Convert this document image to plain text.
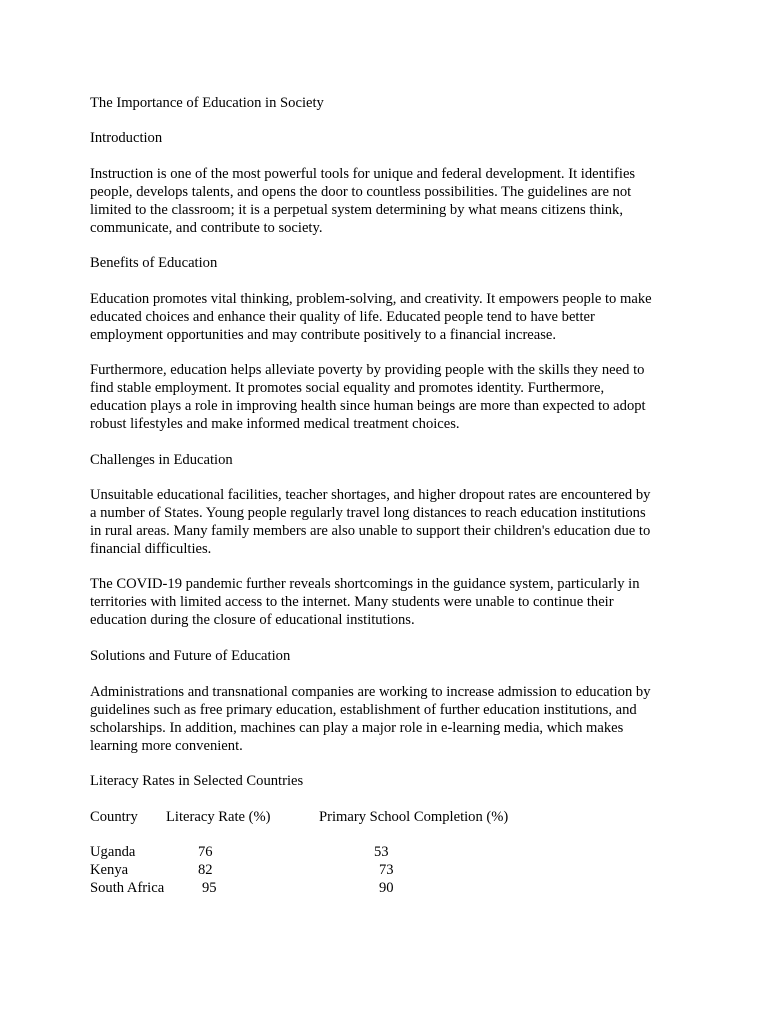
The Importance of Education in Society

Introduction

Instruction is one of the most powerful tools for unique and federal development. It identifies
people, develops talents, and opens the door to countless possibilities. The guidelines are not
limited to the classroom; it is a perpetual system determining by what means citizens think,
communicate, and contribute to society.

Benefits of Education

Education promotes vital thinking, problem-solving, and creativity. It empowers people to make
educated choices and enhance their quality of life. Educated people tend to have better
employment opportunities and may contribute positively to a financial increase.

Furthermore, education helps alleviate poverty by providing people with the skills they need to
find stable employment. It promotes social equality and promotes identity. Furthermore,
education plays a role in improving health since human beings are more than expected to adopt
robust lifestyles and make informed medical treatment choices.

Challenges in Education

Unsuitable educational facilities, teacher shortages, and higher dropout rates are encountered by
a number of States. Young people regularly travel long distances to reach education institutions
in rural areas. Many family members are also unable to support their children's education due to
financial difficulties.

The COVID-19 pandemic further reveals shortcomings in the guidance system, particularly in
territories with limited access to the internet. Many students were unable to continue their
education during the closure of educational institutions.

Solutions and Future of Education

Administrations and transnational companies are working to increase admission to education by
guidelines such as free primary education, establishment of further education institutions, and
scholarships. In addition, machines can play a major role in e-learning media, which makes
learning more convenient.

Literacy Rates in Selected Countries

Country Literacy Rate (%)	Primary School Completion (%)
Uganda	76	53
Kenya	82	73
South Africa	95	90
